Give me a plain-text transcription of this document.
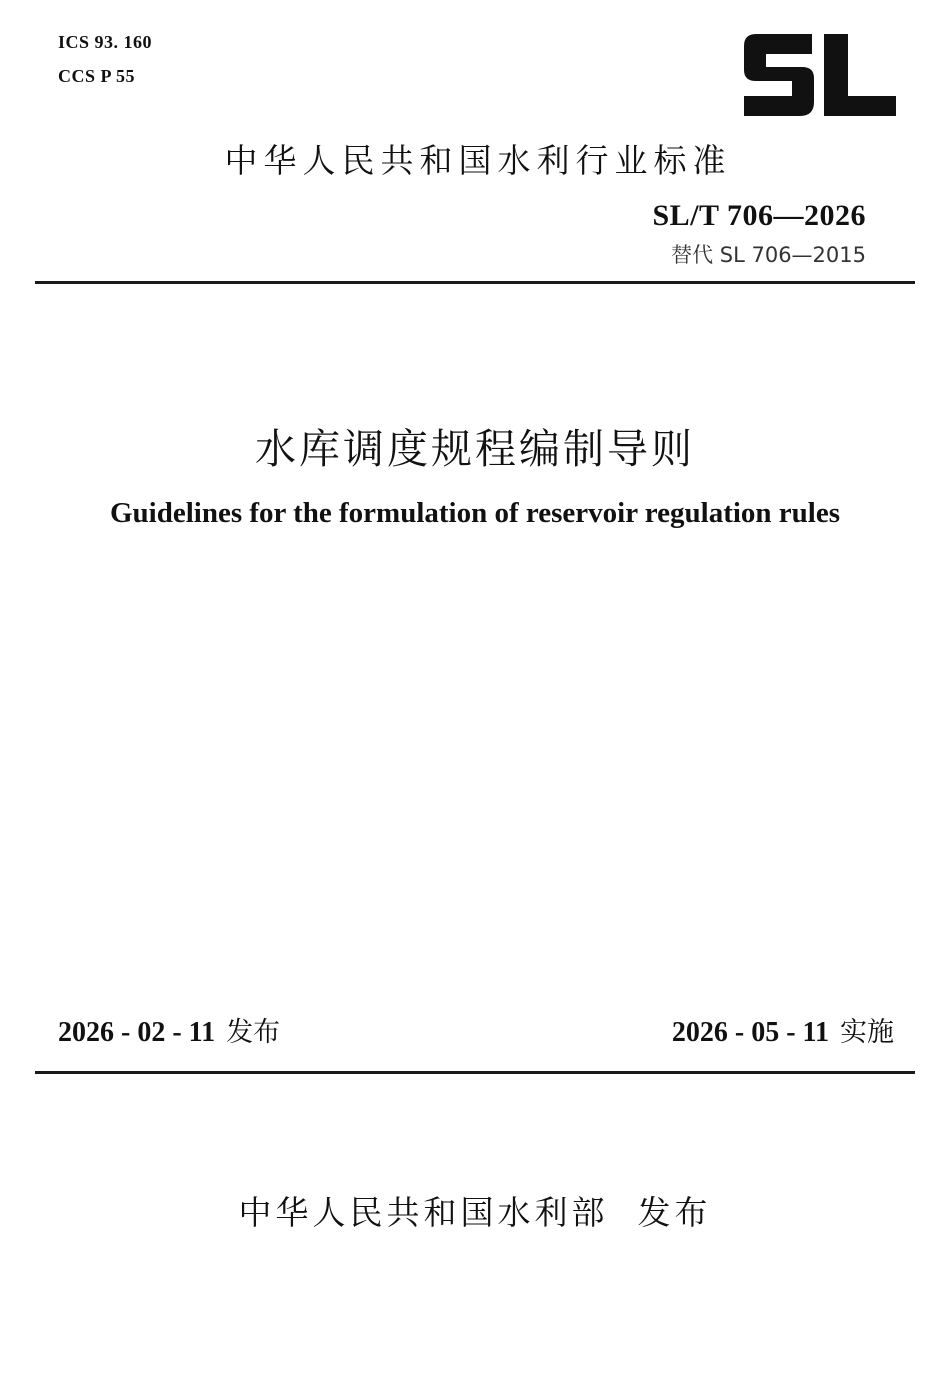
ICS 93. 160
CCS P 55
中华人民共和国水利行业标准
SL/T 706—2026
替代 SL 706—2015
水库调度规程编制导则
Guidelines for the formulation of reservoir regulation rules
2026 - 02 - 11 发布	2026 - 05 - 11 实施
中华人民共和国水利部 发布
